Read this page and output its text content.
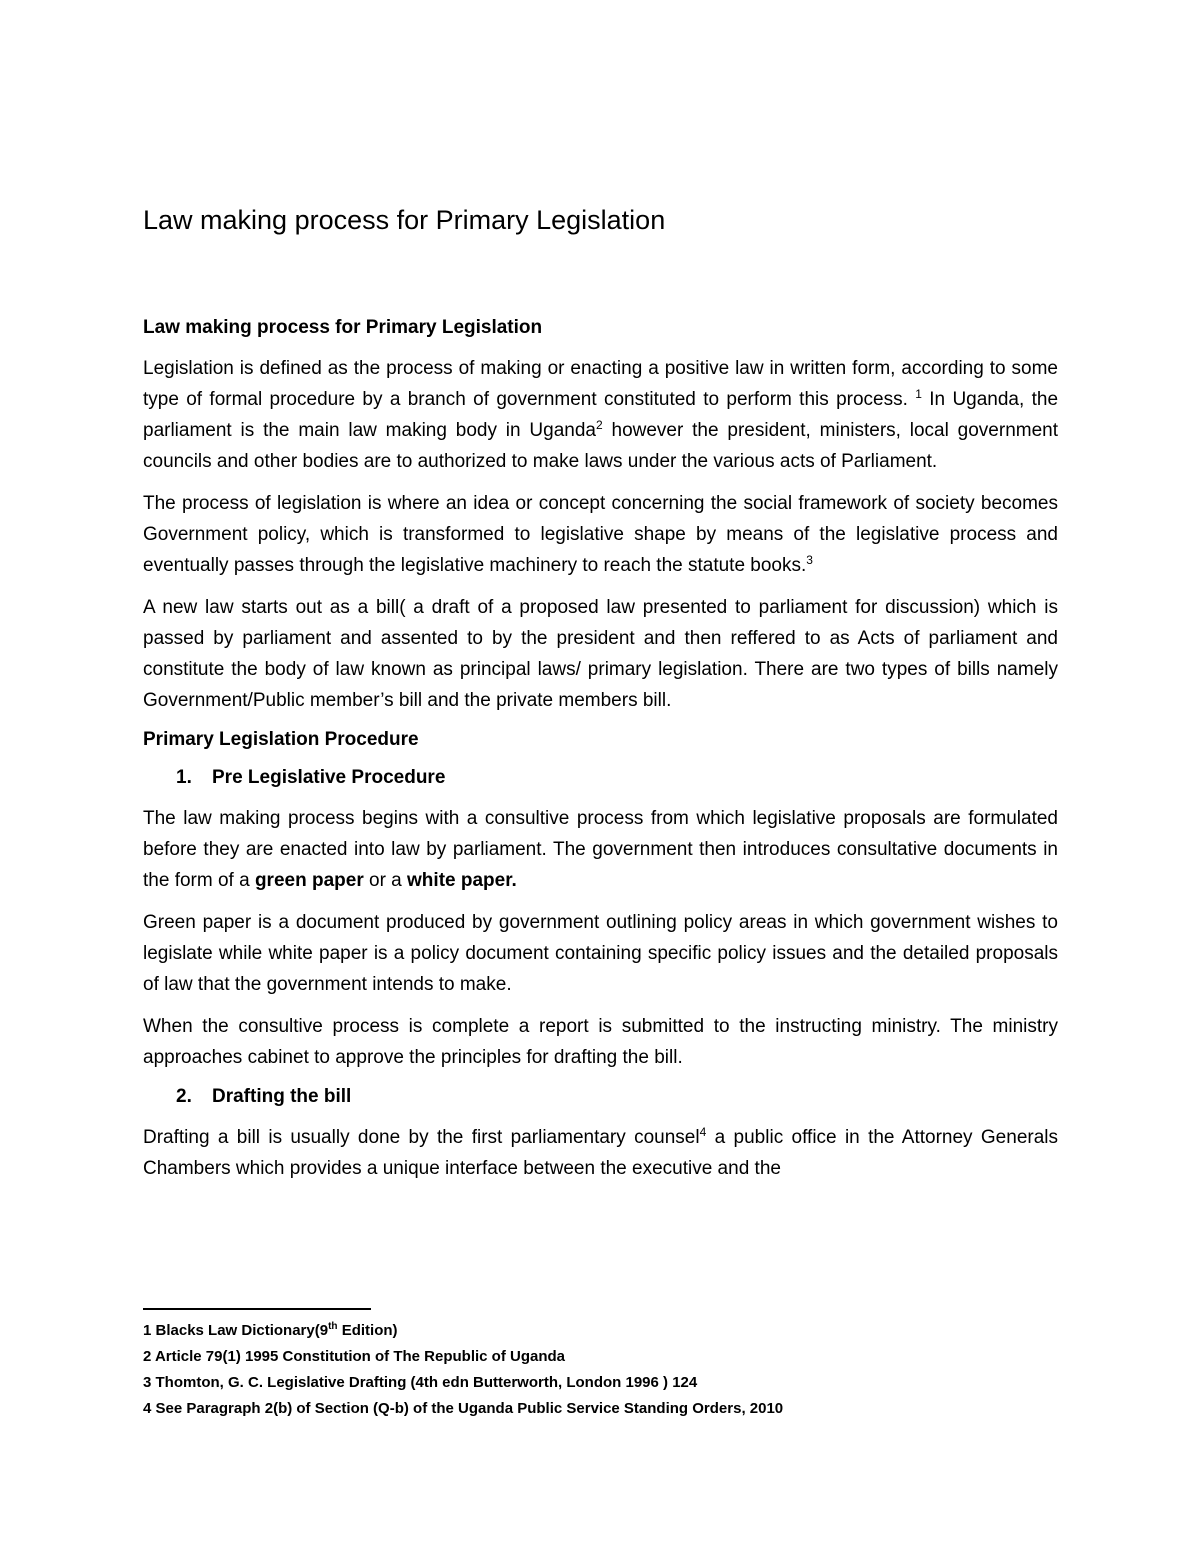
Law making process for Primary Legislation
Law making process for Primary Legislation

Legislation is defined as the process of making or enacting a positive law in written form, according to some type of formal procedure by a branch of government constituted to perform this process. $^1$ In Uganda, the parliament is the main law making body in Uganda$^2$ however the president, ministers, local government councils and other bodies are to authorized to make laws under the various acts of Parliament.

The process of legislation is where an idea or concept concerning the social framework of society becomes Government policy, which is transformed to legislative shape by means of the legislative process and eventually passes through the legislative machinery to reach the statute books.$^3$

A new law starts out as a bill( a draft of a proposed law presented to parliament for discussion) which is passed by parliament and assented to by the president and then reffered to as Acts of parliament and constitute the body of law known as principal laws/ primary legislation. There are two types of bills namely Government/Public member’s bill and the private members bill.

Primary Legislation Procedure
1. Pre Legislative Procedure

The law making process begins with a consultive process from which legislative proposals are formulated before they are enacted into law by parliament. The government then introduces consultative documents in the form of a green paper or a white paper.

Green paper is a document produced by government outlining policy areas in which government wishes to legislate while white paper is a policy document containing specific policy issues and the detailed proposals of law that the government intends to make.

When the consultive process is complete a report is submitted to the instructing ministry. The ministry approaches cabinet to approve the principles for drafting the bill.

2. Drafting the bill

Drafting a bill is usually done by the first parliamentary counsel$^4$ a public office in the Attorney Generals Chambers which provides a unique interface between the executive and the

1 Blacks Law Dictionary(9th Edition)
2 Article 79(1) 1995 Constitution of The Republic of Uganda
3 Thomton, G. C. Legislative Drafting (4th edn Butterworth, London 1996 ) 124
4 See Paragraph 2(b) of Section (Q-b) of the Uganda Public Service Standing Orders, 2010
